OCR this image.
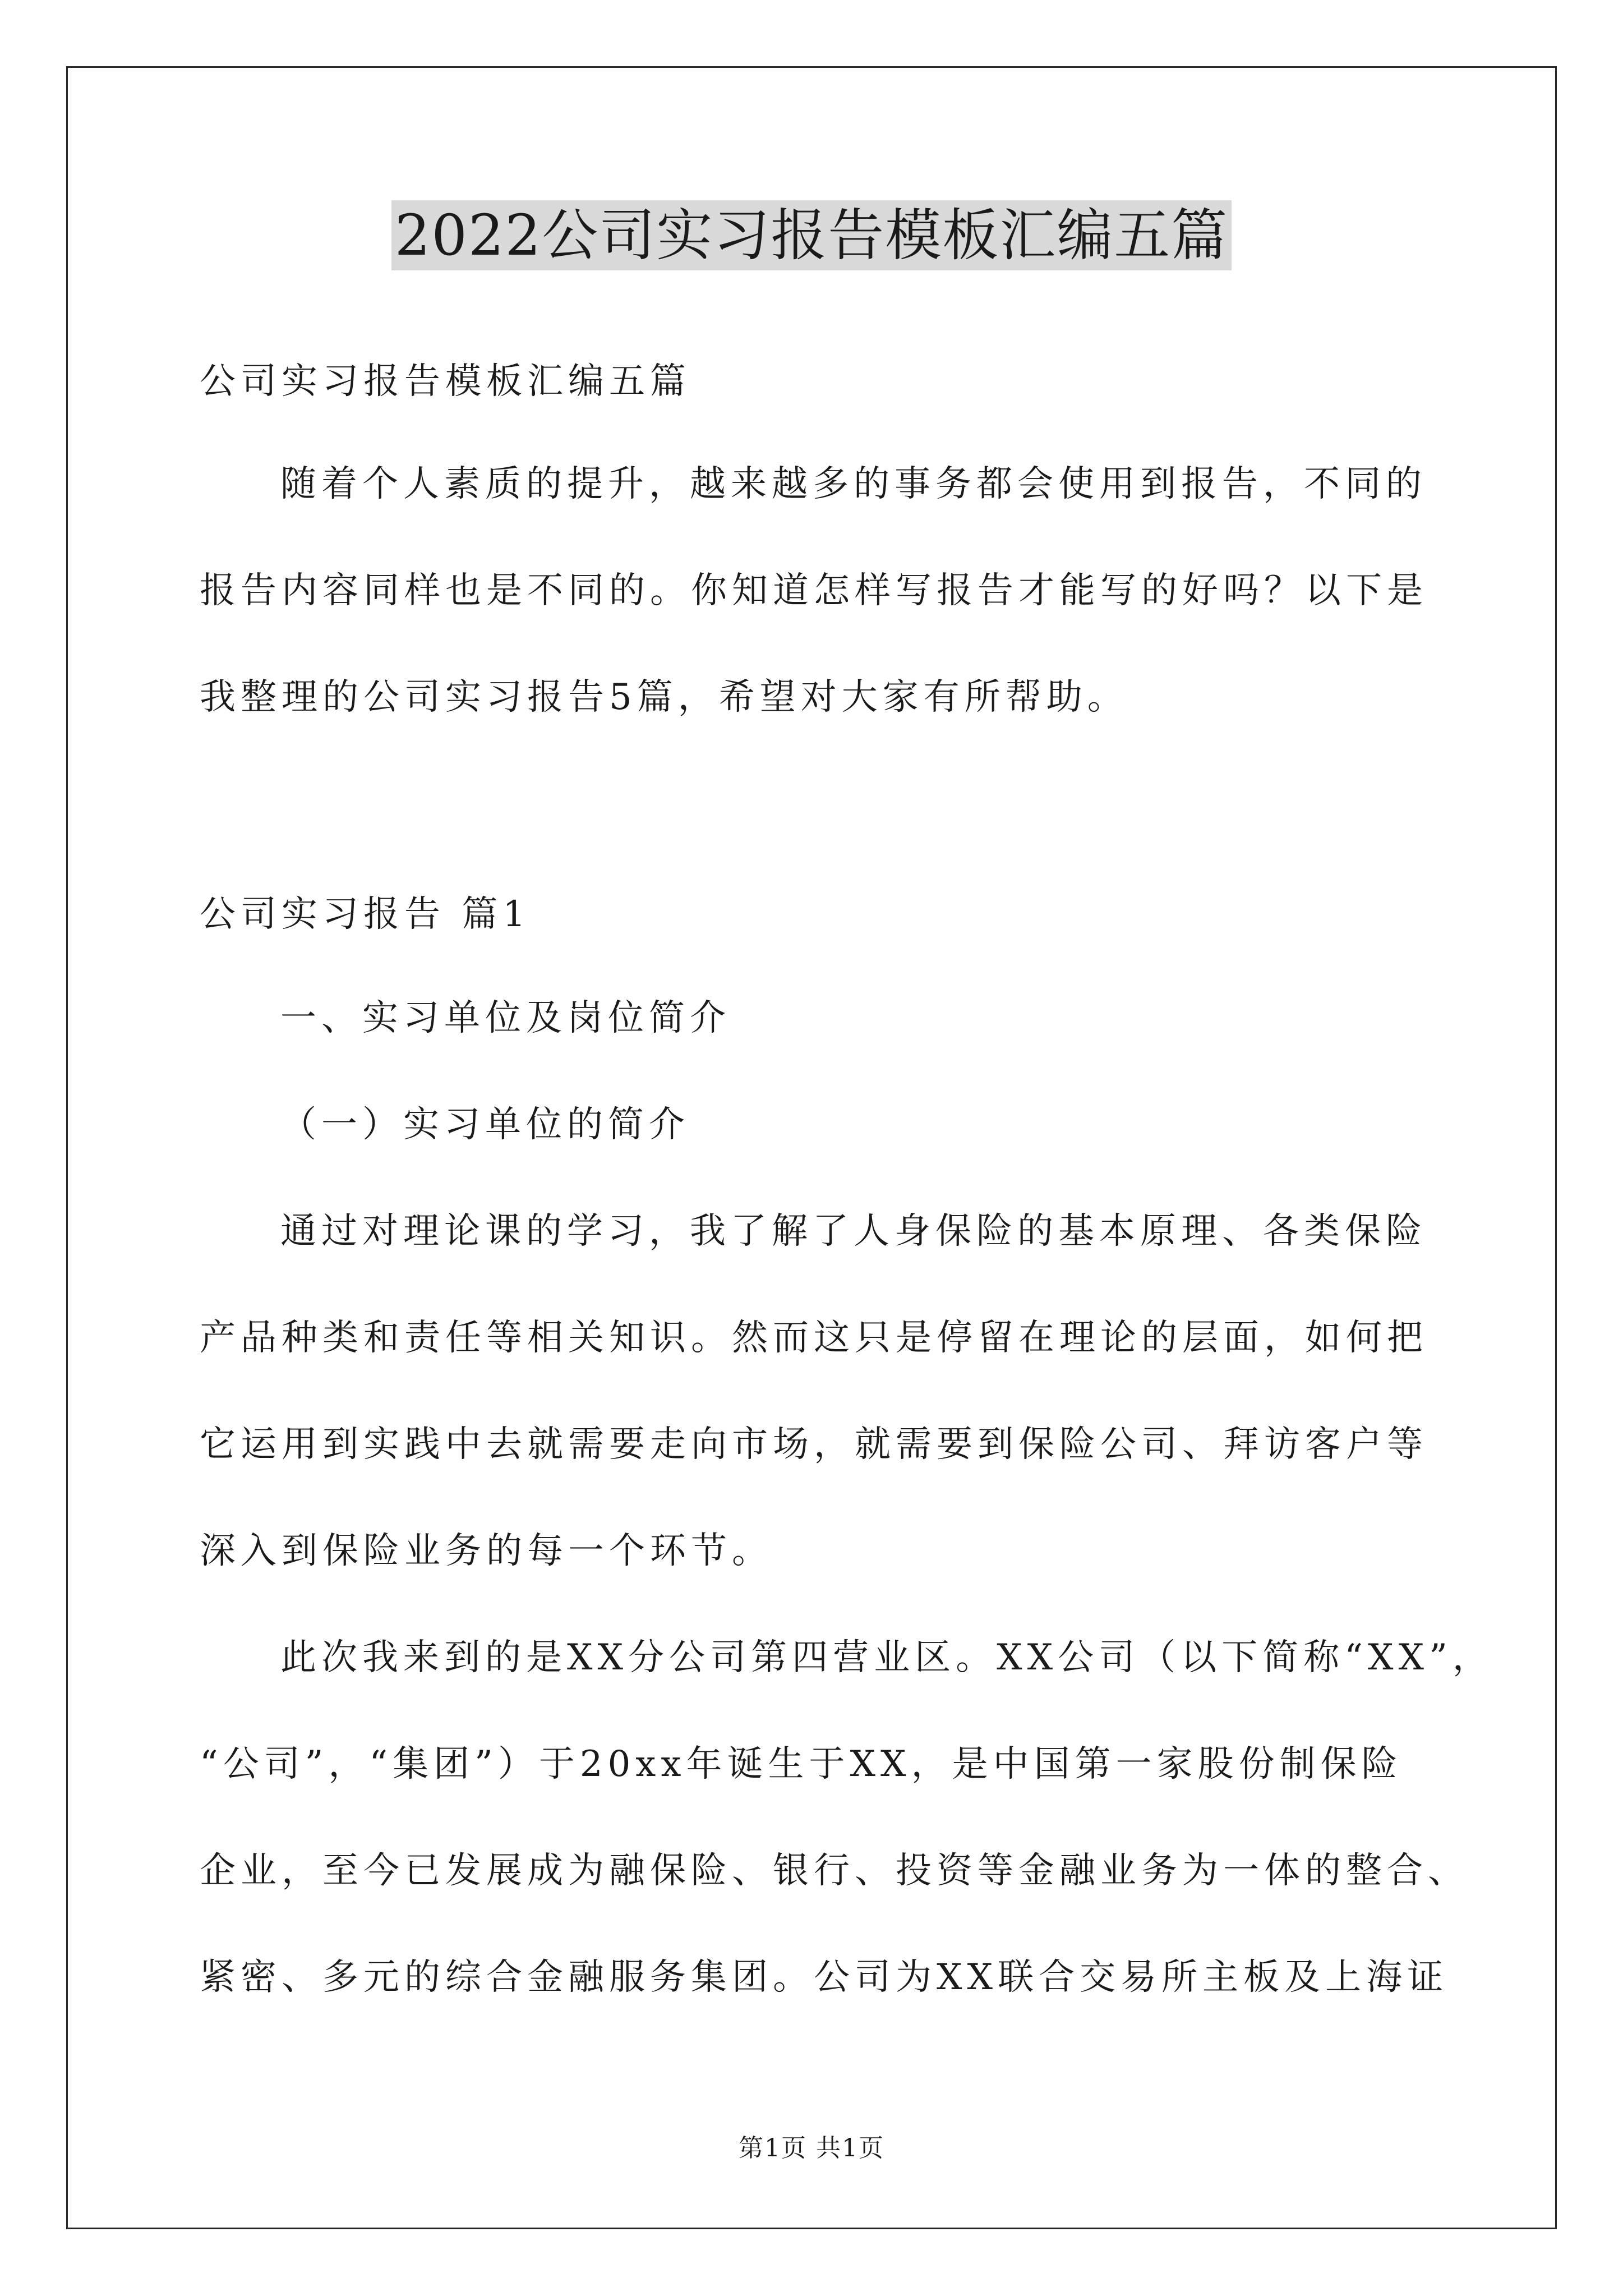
2022公司实习报告模板汇编五篇
公司实习报告模板汇编五篇
随着个人素质的提升，越来越多的事务都会使用到报告，不同的
报告内容同样也是不同的。你知道怎样写报告才能写的好吗？以下是
我整理的公司实习报告5篇，希望对大家有所帮助。
公司实习报告 篇1
一、实习单位及岗位简介
（一）实习单位的简介
通过对理论课的学习，我了解了人身保险的基本原理、各类保险
产品种类和责任等相关知识。然而这只是停留在理论的层面，如何把
它运用到实践中去就需要走向市场，就需要到保险公司、拜访客户等
深入到保险业务的每一个环节。
此次我来到的是XX分公司第四营业区。XX公司（以下简称“XX”，
“公司”，“集团”）于20xx年诞生于XX，是中国第一家股份制保险
企业，至今已发展成为融保险、银行、投资等金融业务为一体的整合、
紧密、多元的综合金融服务集团。公司为XX联合交易所主板及上海证
第1页 共1页
